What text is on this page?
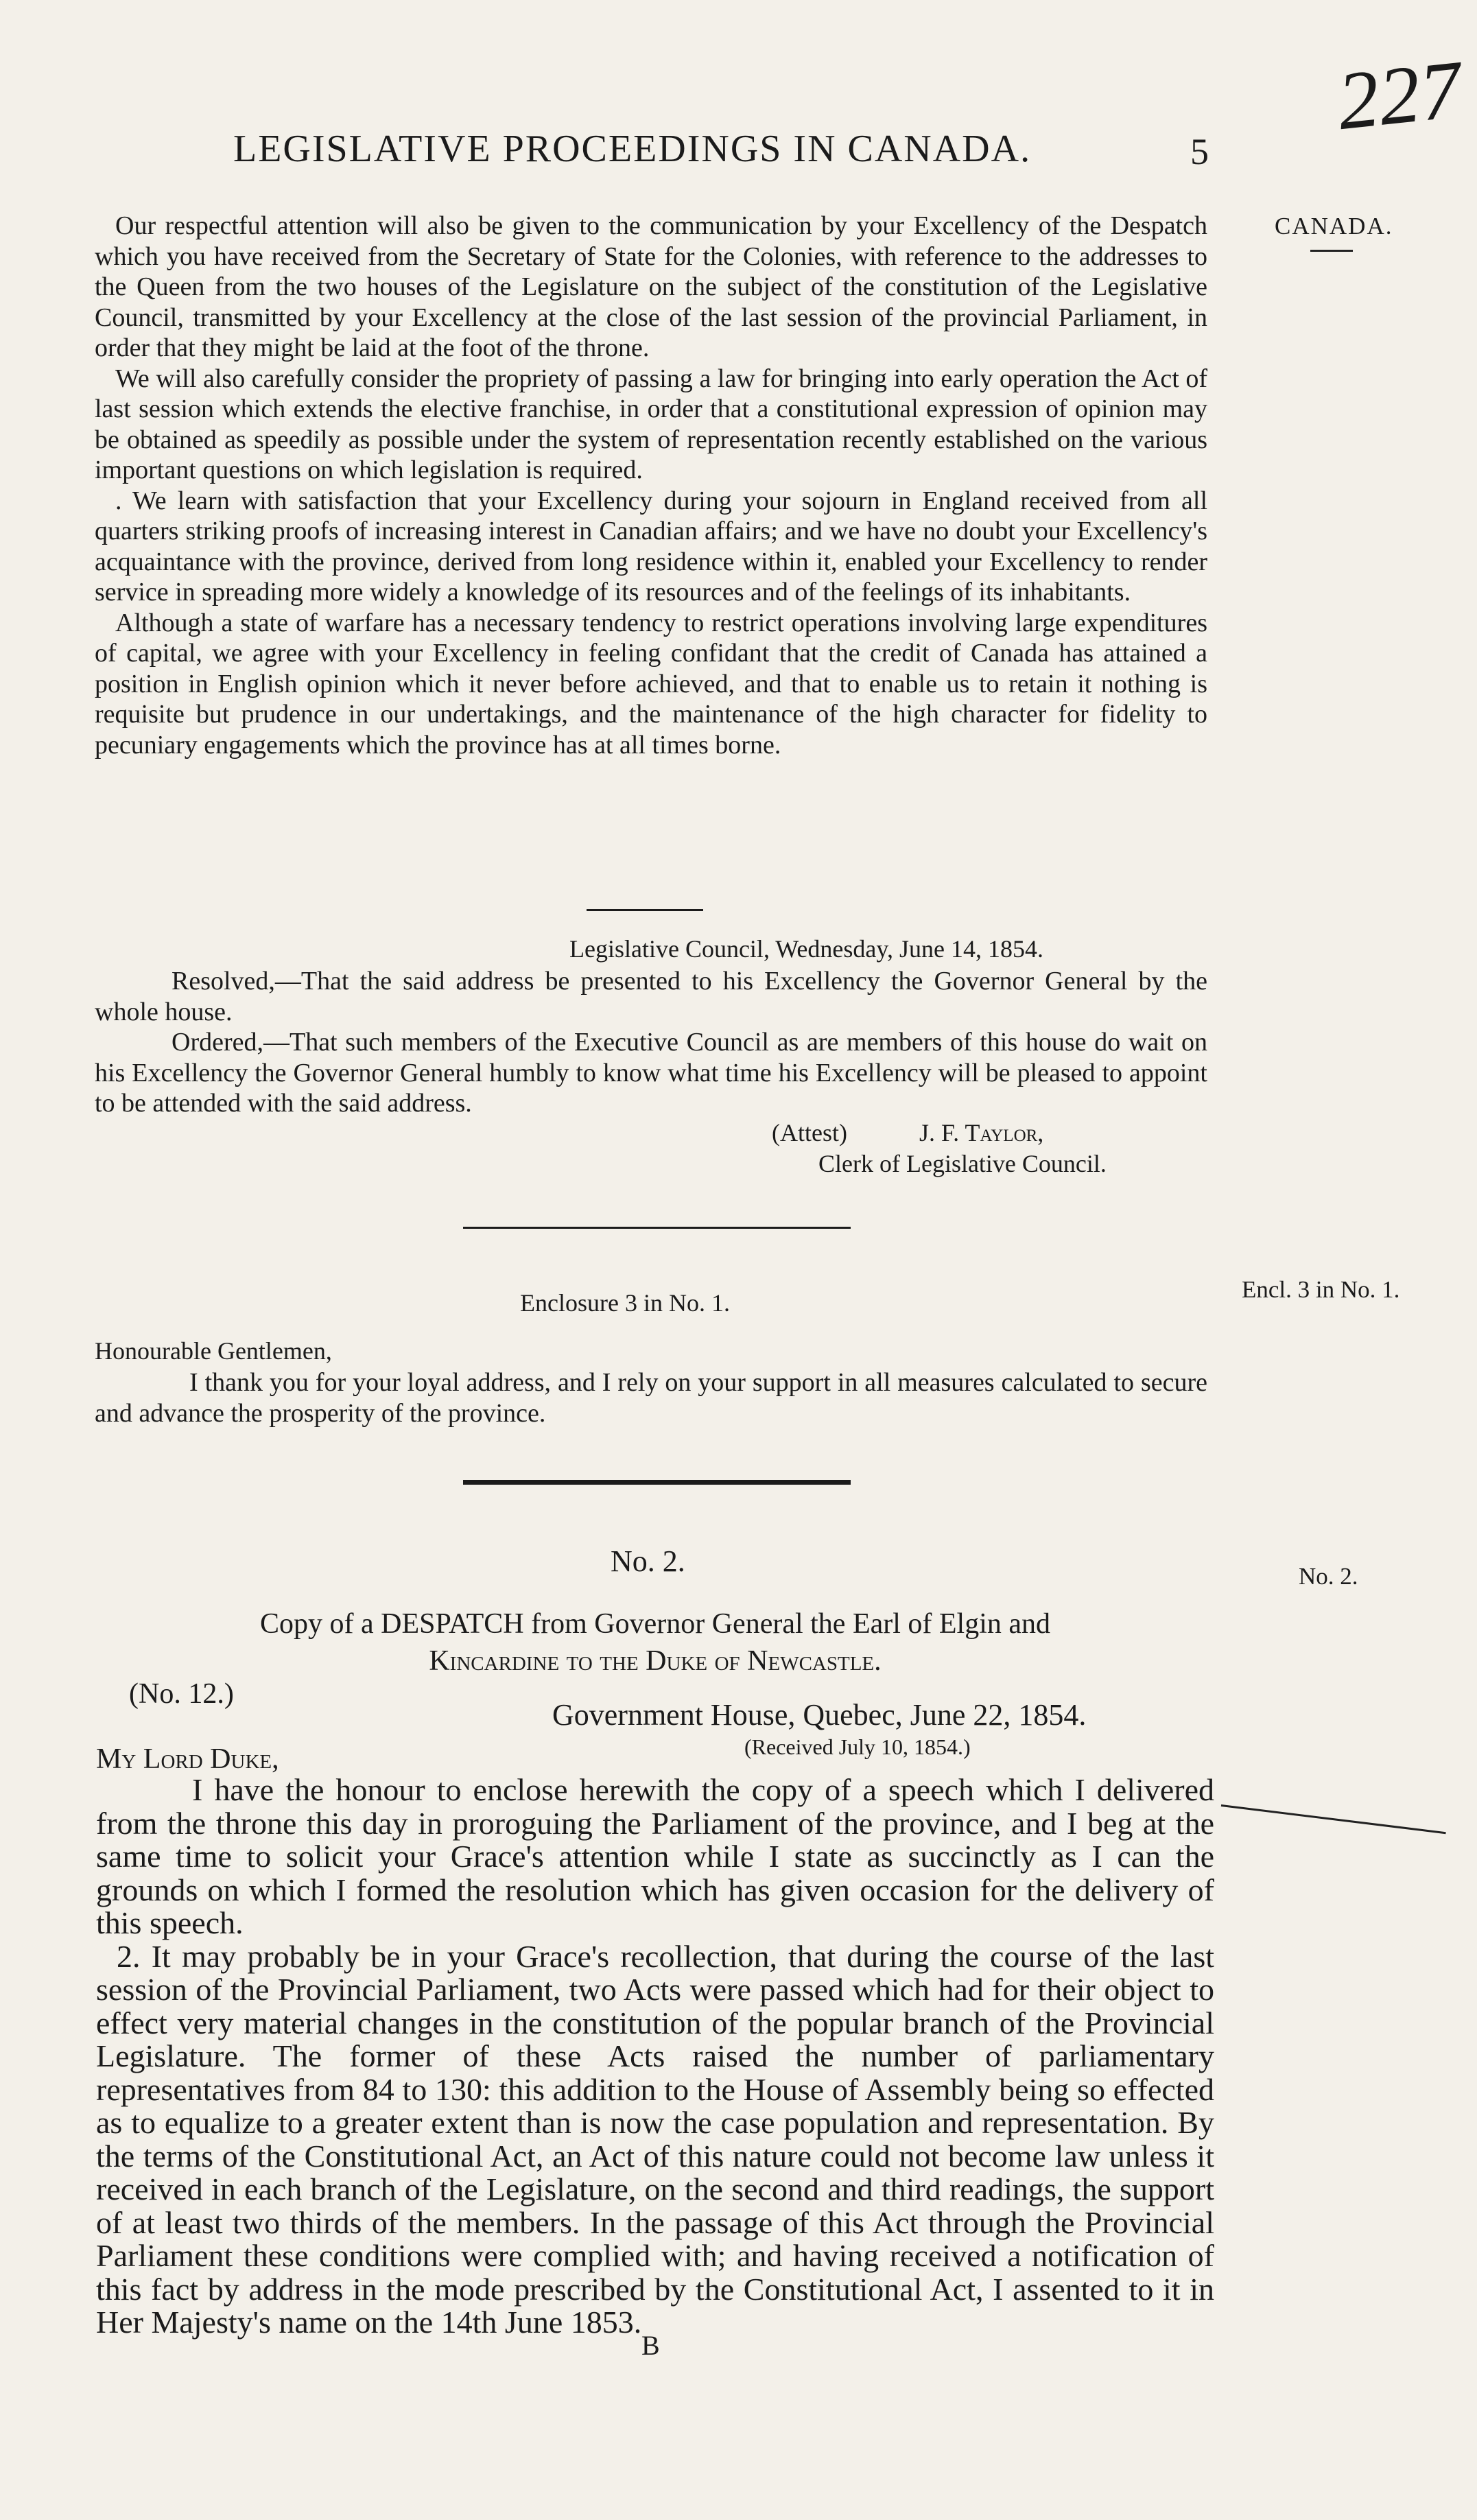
227
LEGISLATIVE PROCEEDINGS IN CANADA.	5
CANADA.

Our respectful attention will also be given to the communication by your Excellency of the Despatch which you have received from the Secretary of State for the Colonies, with reference to the addresses to the Queen from the two houses of the Legislature on the subject of the constitution of the Legislative Council, transmitted by your Excellency at the close of the last session of the provincial Parliament, in order that they might be laid at the foot of the throne.

We will also carefully consider the propriety of passing a law for bringing into early operation the Act of last session which extends the elective franchise, in order that a constitutional expression of opinion may be obtained as speedily as possible under the system of representation recently established on the various important questions on which legislation is required.

. We learn with satisfaction that your Excellency during your sojourn in England received from all quarters striking proofs of increasing interest in Canadian affairs; and we have no doubt your Excellency's acquaintance with the province, derived from long residence within it, enabled your Excellency to render service in spreading more widely a knowledge of its resources and of the feelings of its inhabitants.

Although a state of warfare has a necessary tendency to restrict operations involving large expenditures of capital, we agree with your Excellency in feeling confidant that the credit of Canada has attained a position in English opinion which it never before achieved, and that to enable us to retain it nothing is requisite but prudence in our undertakings, and the maintenance of the high character for fidelity to pecuniary engagements which the province has at all times borne.

Legislative Council, Wednesday, June 14, 1854.

Resolved,—That the said address be presented to his Excellency the Governor General by the whole house.

Ordered,—That such members of the Executive Council as are members of this house do wait on his Excellency the Governor General humbly to know what time his Excellency will be pleased to appoint to be attended with the said address.

(Attest)	J. F. Taylor,
Clerk of Legislative Council.
Enclosure 3 in No. 1.	Encl. 3 in No. 1.
Honourable Gentlemen,

I thank you for your loyal address, and I rely on your support in all measures calculated to secure and advance the prosperity of the province.

No. 2.	No. 2.
Copy of a DESPATCH from Governor General the Earl of Elgin and
Kincardine to the Duke of Newcastle.
(No. 12.)
Government House, Quebec, June 22, 1854.
(Received July 10, 1854.)
My Lord Duke,

I have the honour to enclose herewith the copy of a speech which I delivered from the throne this day in proroguing the Parliament of the province, and I beg at the same time to solicit your Grace's attention while I state as succinctly as I can the grounds on which I formed the resolution which has given occasion for the delivery of this speech.

2. It may probably be in your Grace's recollection, that during the course of the last session of the Provincial Parliament, two Acts were passed which had for their object to effect very material changes in the constitution of the popular branch of the Provincial Legislature. The former of these Acts raised the number of parliamentary representatives from 84 to 130: this addition to the House of Assembly being so effected as to equalize to a greater extent than is now the case population and representation. By the terms of the Constitutional Act, an Act of this nature could not become law unless it received in each branch of the Legislature, on the second and third readings, the support of at least two thirds of the members. In the passage of this Act through the Provincial Parliament these conditions were complied with; and having received a notification of this fact by address in the mode prescribed by the Constitutional Act, I assented to it in Her Majesty's name on the 14th June 1853.

B
